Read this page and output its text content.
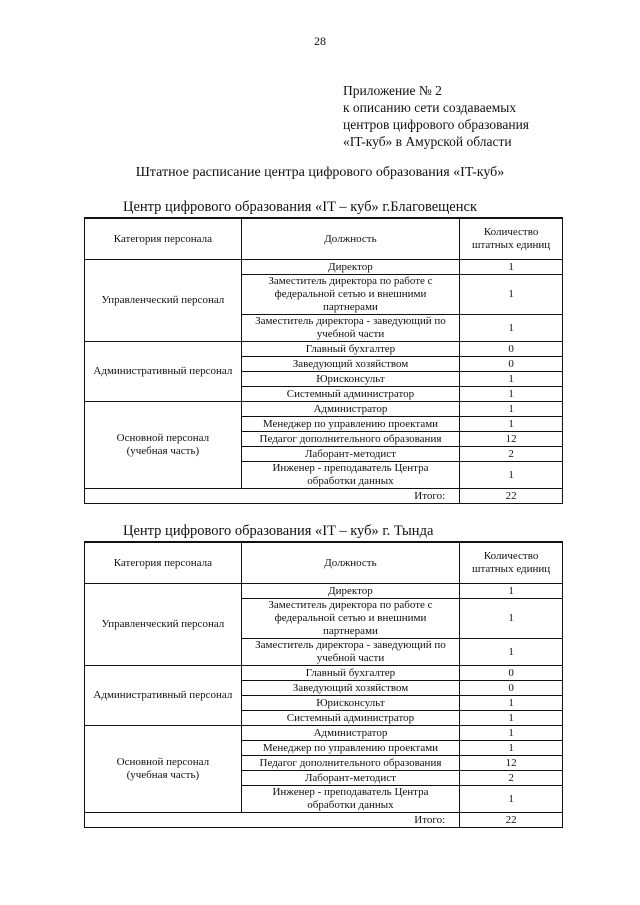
28
Приложение № 2
к описанию сети создаваемых
центров цифрового образования
«IT-куб» в Амурской области
Штатное расписание центра цифрового образования «IT-куб»
Центр цифрового образования «IT – куб» г.Благовещенск
Категория персонала	Должность	Количество
штатных единиц

Управленческий персонал	Директор	1

	Заместитель директора по работе с
федеральной сетью и внешними
партнерами	1

	Заместитель директора - заведующий по
учебной части	1

Административный персонал	Главный бухгалтер	0

	Заведующий хозяйством	0

	Юрисконсульт	1

	Системный администратор	1

Основной персонал
(учебная часть)	Администратор	1

	Менеджер по управлению проектами	1

	Педагог дополнительного образования	12

	Лаборант-методист	2

	Инженер - преподаватель Центра
обработки данных	1
Итого:		22
Центр цифрового образования «IT – куб» г. Тында
Категория персонала	Должность	Количество
штатных единиц

Управленческий персонал	Директор	1

	Заместитель директора по работе с
федеральной сетью и внешними
партнерами	1

	Заместитель директора - заведующий по
учебной части	1

Административный персонал	Главный бухгалтер	0

	Заведующий хозяйством	0

	Юрисконсульт	1

	Системный администратор	1

Основной персонал
(учебная часть)	Администратор	1

	Менеджер по управлению проектами	1

	Педагог дополнительного образования	12

	Лаборант-методист	2

	Инженер - преподаватель Центра
обработки данных	1
Итого:		22
